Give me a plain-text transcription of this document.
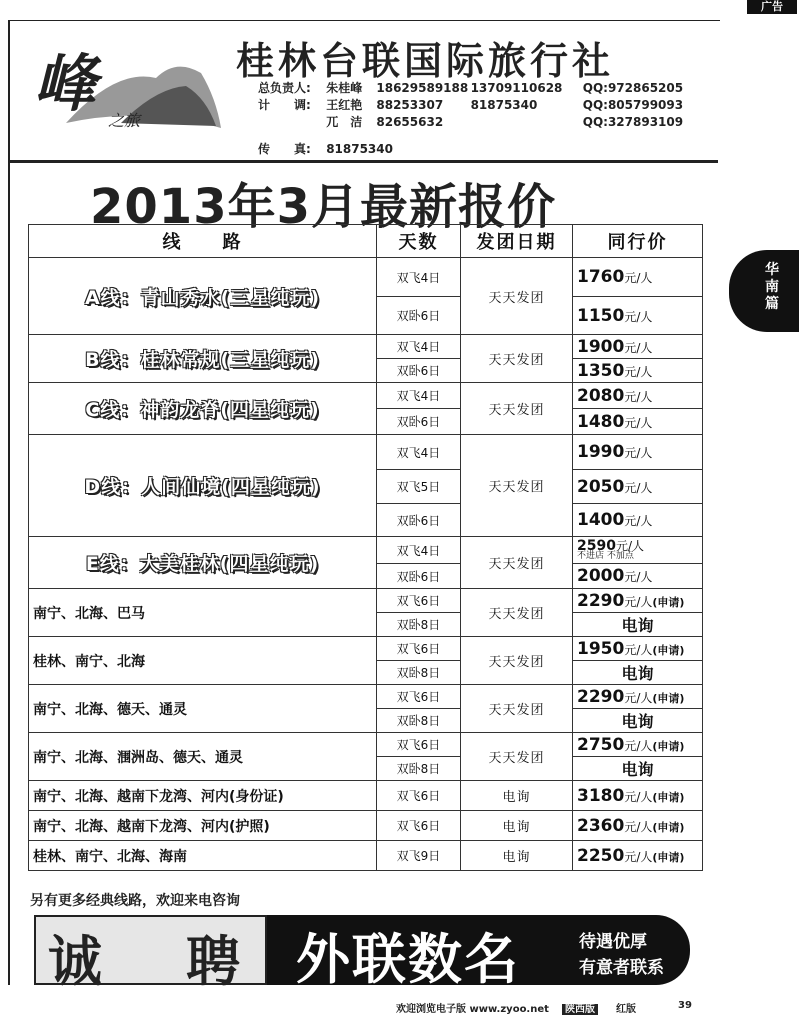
广告
峰
之旅
桂林台联国际旅行社
总负责人: 朱桂峰 18629589188 13709110628 QQ:972865205
计　　调: 王红艳 88253307 81875340	QQ:805799093
兀　洁 82655632	QQ:327893109
传　　真: 81875340
2013年3月最新报价
线　　路	天数	发团日期	同行价
A线：青山秀水(三星纯玩)	双飞4日	天天发团	1760元/人
	双卧6日		1150元/人
B线：桂林常规(三星纯玩)	双飞4日	天天发团	1900元/人
	双卧6日		1350元/人
C线：神韵龙脊(四星纯玩)	双飞4日	天天发团	2080元/人
	双卧6日		1480元/人
D线：人间仙境(四星纯玩)	双飞4日	天天发团	1990元/人
	双飞5日		2050元/人
	双卧6日		1400元/人
E线：大美桂林(四星纯玩)	双飞4日	天天发团	2590元/人
不进店 不加点

	双卧6日		2000元/人
南宁、北海、巴马	双飞6日	天天发团	2290元/人(申请)
	双卧8日		电询
桂林、南宁、北海	双飞6日	天天发团	1950元/人(申请)
	双卧8日		电询
南宁、北海、德天、通灵	双飞6日	天天发团	2290元/人(申请)
	双卧8日		电询
南宁、北海、涠洲岛、德天、通灵	双飞6日	天天发团	2750元/人(申请)
	双卧8日		电询
南宁、北海、越南下龙湾、河内(身份证)	双飞6日	电询	3180元/人(申请)
南宁、北海、越南下龙湾、河内(护照)	双飞6日	电询	2360元/人(申请)
桂林、南宁、北海、海南	双飞9日	电询	2250元/人(申请)
另有更多经典线路，欢迎来电咨询
诚 聘 外联数名	待遇优厚
有意者联系
华南篇
欢迎浏览电子版 www.zyoo.net	陕西版	红版	39
